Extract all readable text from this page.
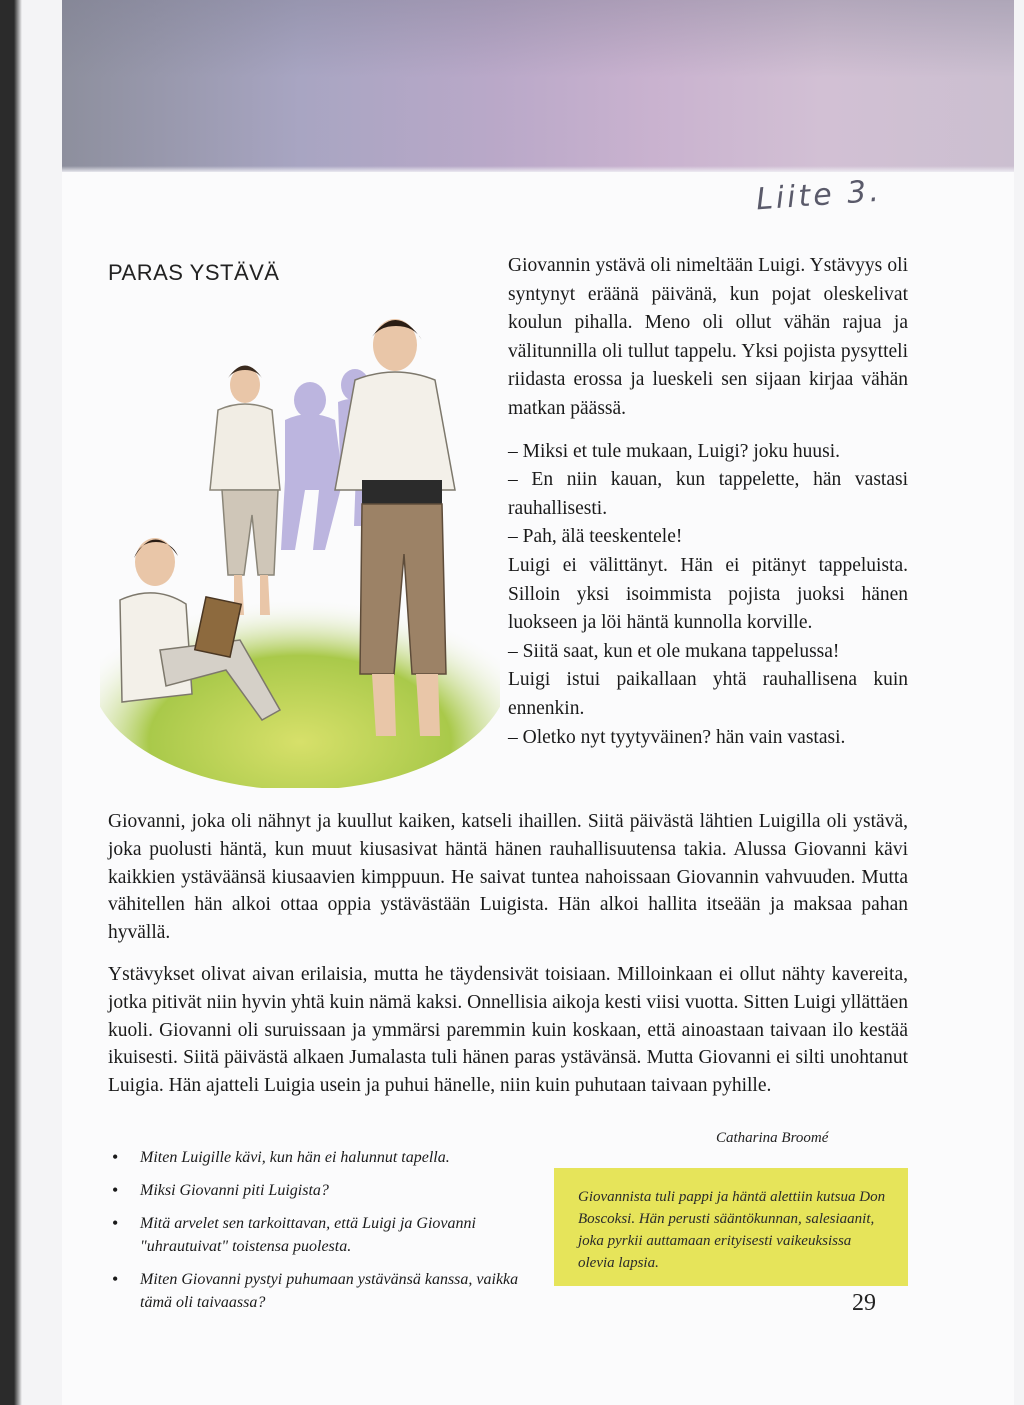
Liite 3.
PARAS YSTÄVÄ	Giovannin ystävä oli nimeltään Luigi. Ystävyys oli syntynyt eräänä päivänä, kun pojat oleskelivat koulun pihalla. Meno oli ollut vähän rajua ja välitunnilla oli tullut tappelu. Yksi pojista pysytteli riidasta erossa ja lueskeli sen sijaan kirjaa vähän matkan päässä.

– Miksi et tule mukaan, Luigi? joku huusi.

– En niin kauan, kun tappelette, hän vastasi rauhallisesti.

– Pah, älä teeskentele!

Luigi ei välittänyt. Hän ei pitänyt tappeluista. Silloin yksi isoimmista pojista juoksi hänen luokseen ja löi häntä kunnolla korville.

– Siitä saat, kun et ole mukana tappelussa!

Luigi istui paikallaan yhtä rauhallisena kuin ennenkin.

– Oletko nyt tyytyväinen? hän vain vastasi.

Giovanni, joka oli nähnyt ja kuullut kaiken, katseli ihaillen. Siitä päivästä lähtien Luigilla oli ystävä, joka puolusti häntä, kun muut kiusasivat häntä hänen rauhallisuutensa takia. Alussa Giovanni kävi kaikkien ystäväänsä kiusaavien kimppuun. He saivat tuntea nahoissaan Giovannin vahvuuden. Mutta vähitellen hän alkoi ottaa oppia ystävästään Luigista. Hän alkoi hallita itseään ja maksaa pahan hyvällä.

Ystävykset olivat aivan erilaisia, mutta he täydensivät toisiaan. Milloinkaan ei ollut nähty kavereita, jotka pitivät niin hyvin yhtä kuin nämä kaksi. Onnellisia aikoja kesti viisi vuotta. Sitten Luigi yllättäen kuoli. Giovanni oli suruissaan ja ymmärsi paremmin kuin koskaan, että ainoastaan taivaan ilo kestää ikuisesti. Siitä päivästä alkaen Jumalasta tuli hänen paras ystävänsä. Mutta Giovanni ei silti unohtanut Luigia. Hän ajatteli Luigia usein ja puhui hänelle, niin kuin puhutaan taivaan pyhille.

Catharina Broomé
• Miten Luigille kävi, kun hän ei halunnut tapella.
• Miksi Giovanni piti Luigista?
• Mitä arvelet sen tarkoittavan, että Luigi ja Giovanni "uhrautuivat" toistensa puolesta.
• Miten Giovanni pystyi puhumaan ystävänsä kanssa, vaikka tämä oli taivaassa?
Giovannista tuli pappi ja häntä alettiin kutsua Don Boscoksi. Hän perusti sääntökunnan, salesiaanit, joka pyrkii auttamaan erityisesti vaikeuksissa olevia lapsia.
29
